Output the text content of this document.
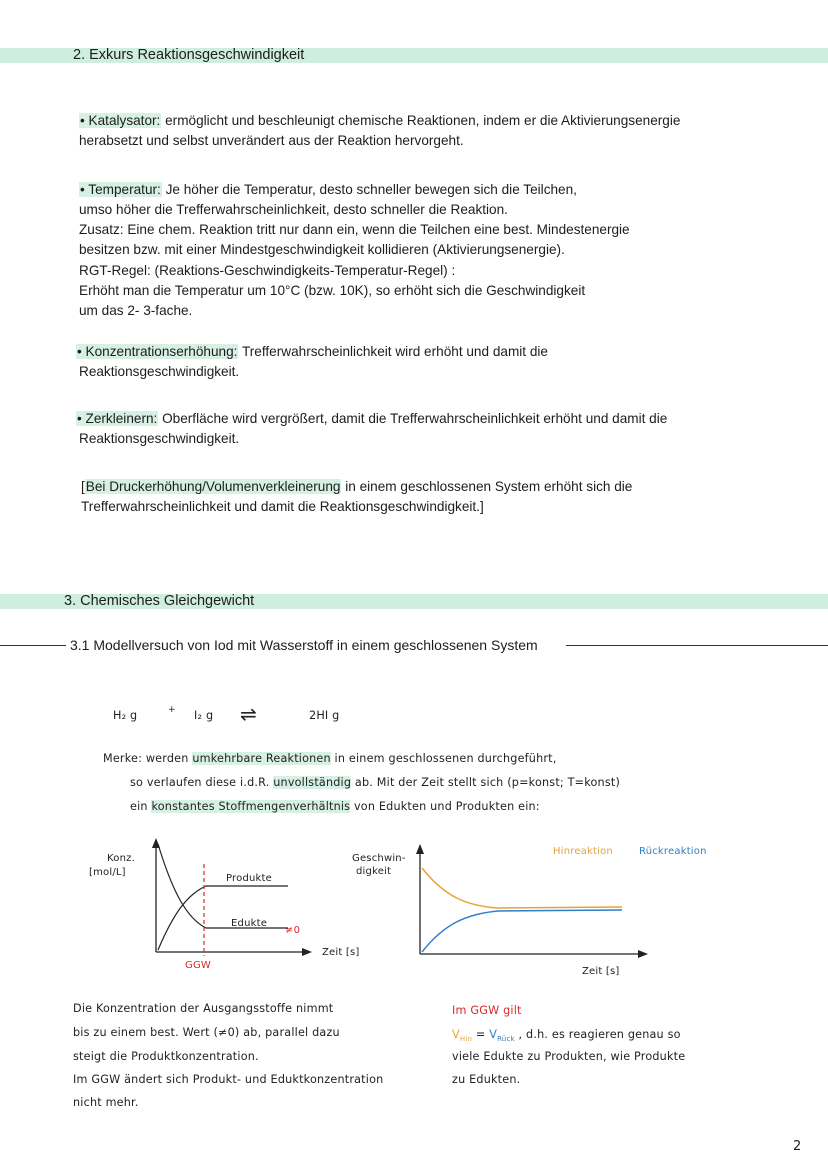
2. Exkurs Reaktionsgeschwindigkeit
• Katalysator: ermöglicht und beschleunigt chemische Reaktionen, indem er die Aktivierungsenergie
herabsetzt und selbst unverändert aus der Reaktion hervorgeht.
• Temperatur: Je höher die Temperatur, desto schneller bewegen sich die Teilchen,
umso höher die Trefferwahrscheinlichkeit, desto schneller die Reaktion.
Zusatz: Eine chem. Reaktion tritt nur dann ein, wenn die Teilchen eine best. Mindestenergie
besitzen bzw. mit einer Mindestgeschwindigkeit kollidieren (Aktivierungsenergie).
RGT-Regel: (Reaktions-Geschwindigkeits-Temperatur-Regel) :
Erhöht man die Temperatur um 10°C (bzw. 10K), so erhöht sich die Geschwindigkeit
um das 2- 3-fache.
• Konzentrationserhöhung: Trefferwahrscheinlichkeit wird erhöht und damit die
Reaktionsgeschwindigkeit.
• Zerkleinern: Oberfläche wird vergrößert, damit die Trefferwahrscheinlichkeit erhöht und damit die
Reaktionsgeschwindigkeit.
[Bei Druckerhöhung/Volumenverkleinerung in einem geschlossenen System erhöht sich die
Trefferwahrscheinlichkeit und damit die Reaktionsgeschwindigkeit.]
3. Chemisches Gleichgewicht
3.1 Modellversuch von Iod mit Wasserstoff in einem geschlossenen System
H₂ g	+ I₂ g ⇌	2HI g
Merke: werden umkehrbare Reaktionen in einem geschlossenen durchgeführt,
so verlaufen diese i.d.R. unvollständig ab. Mit der Zeit stellt sich (p=konst; T=konst)
ein konstantes Stoffmengenverhältnis von Edukten und Produkten ein:
Konz.
[mol/L]
Produkte
Edukte
≠0
GGW
Zeit [s]
Geschwin-
digkeit
Hinreaktion	Rückreaktion
Zeit [s]
Die Konzentration der Ausgangsstoffe nimmt
bis zu einem best. Wert (≠0) ab, parallel dazu
steigt die Produktkonzentration.
Im GGW ändert sich Produkt- und Eduktkonzentration
nicht mehr.
Im GGW gilt
$V_{Hin} = V_{Rück}$ , d.h. es reagieren genau so
viele Edukte zu Produkten, wie Produkte
zu Edukten.
2
